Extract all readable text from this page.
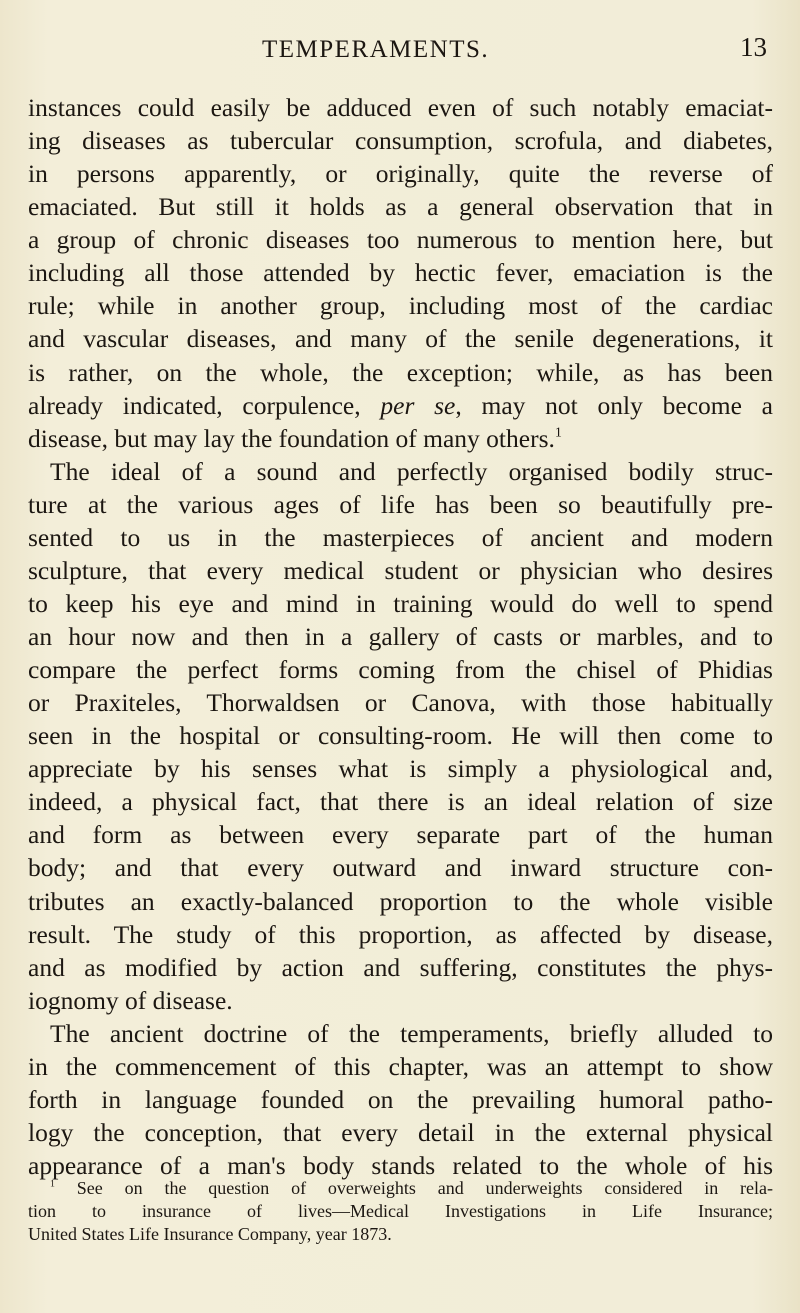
TEMPERAMENTS.	13
instances could easily be adduced even of such notably emaciat-
ing diseases as tubercular consumption, scrofula, and diabetes,
in persons apparently, or originally, quite the reverse of
emaciated. But still it holds as a general observation that in
a group of chronic diseases too numerous to mention here, but
including all those attended by hectic fever, emaciation is the
rule; while in another group, including most of the cardiac
and vascular diseases, and many of the senile degenerations, it
is rather, on the whole, the exception; while, as has been
already indicated, corpulence, per se, may not only become a
disease, but may lay the foundation of many others.$^1$
The ideal of a sound and perfectly organised bodily struc-
ture at the various ages of life has been so beautifully pre-
sented to us in the masterpieces of ancient and modern
sculpture, that every medical student or physician who desires
to keep his eye and mind in training would do well to spend
an hour now and then in a gallery of casts or marbles, and to
compare the perfect forms coming from the chisel of Phidias
or Praxiteles, Thorwaldsen or Canova, with those habitually
seen in the hospital or consulting-room. He will then come to
appreciate by his senses what is simply a physiological and,
indeed, a physical fact, that there is an ideal relation of size
and form as between every separate part of the human
body; and that every outward and inward structure con-
tributes an exactly-balanced proportion to the whole visible
result. The study of this proportion, as affected by disease,
and as modified by action and suffering, constitutes the phys-
iognomy of disease.
The ancient doctrine of the temperaments, briefly alluded to
in the commencement of this chapter, was an attempt to show
forth in language founded on the prevailing humoral patho-
logy the conception, that every detail in the external physical
appearance of a man's body stands related to the whole of his
$^1$ See on the question of overweights and underweights considered in rela-
tion to insurance of lives—Medical Investigations in Life Insurance;
United States Life Insurance Company, year 1873.
